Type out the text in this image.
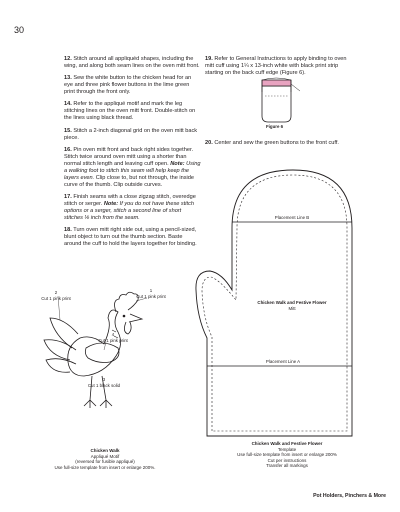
30

12. Stitch around all appliquéd shapes, including the wing, and along both seam lines on the oven mitt front.

13. Sew the white button to the chicken head for an eye and three pink flower buttons in the lime green print through the front only.

14. Refer to the appliqué motif and mark the leg stitching lines on the oven mitt front. Double-stitch on the lines using black thread.

15. Stitch a 2-inch diagonal grid on the oven mitt back piece.

16. Pin oven mitt front and back right sides together. Stitch twice around oven mitt using a shorter than normal stitch length and leaving cuff open. Note: Using a walking foot to stitch this seam will help keep the layers even. Clip close to, but not through, the inside curve of the thumb. Clip outside curves.

17. Finish seams with a close zigzag stitch, overedge stitch or serger. Note: If you do not have these stitch options or a serger, stitch a second line of short stitches ⅛ inch from the seam.

18. Turn oven mitt right side out, using a pencil-sized, blunt object to turn out the thumb section. Baste around the cuff to hold the layers together for binding.

19. Refer to General Instructions to apply binding to oven mitt cuff using 1¼ x 13-inch white with black print strip starting on the back cuff edge (Figure 6).

20. Center and sew the green buttons to the front cuff.

Figure 6
Placement Line B
Chicken Walk and Festive Flower
Mitt
Placement Line A
Chicken Walk and Festive Flower
Template
Use full-size template from insert or enlarge 200%
Cut per instructions
Transfer all markings
2
Cut 1 pink print
1
Cut 1 pink print
4
Cut 1 pink print
3
Cut 1 black solid
Chicken Walk
Appliqué Motif
(reversed for fusible appliqué)
Use full-size template from insert or enlarge 200%.
Pot Holders, Pinchers & More
